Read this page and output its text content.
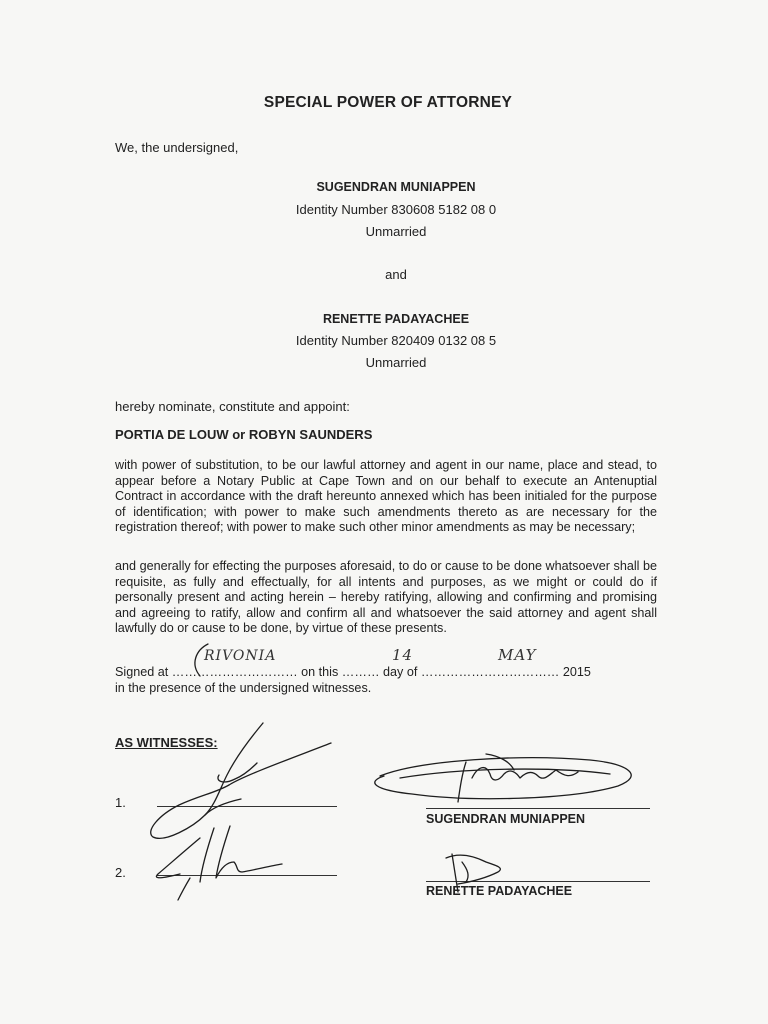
SPECIAL POWER OF ATTORNEY
We, the undersigned,
SUGENDRAN MUNIAPPEN
Identity Number 830608 5182 08 0
Unmarried
and
RENETTE PADAYACHEE
Identity Number 820409 0132 08 5
Unmarried
hereby nominate, constitute and appoint:
PORTIA DE LOUW or ROBYN SAUNDERS
with power of substitution, to be our lawful attorney and agent in our name, place and stead, to appear before a Notary Public at Cape Town and on our behalf to execute an Antenuptial Contract in accordance with the draft hereunto annexed which has been initialed for the purpose of identification; with power to make such amendments thereto as are necessary for the registration thereof; with power to make such other minor amendments as may be necessary;
and generally for effecting the purposes aforesaid, to do or cause to be done whatsoever shall be requisite, as fully and effectually, for all intents and purposes, as we might or could do if personally present and acting herein – hereby ratifying, allowing and confirming and promising and agreeing to ratify, allow and confirm all and whatsoever the said attorney and agent shall lawfully do or cause to be done, by virtue of these presents.
Signed at ………………………… on this ……… day of …………………………… 2015
RIVONIA	14	MAY
in the presence of the undersigned witnesses.
AS WITNESSES:
1.
2.
SUGENDRAN MUNIAPPEN
RENETTE PADAYACHEE
